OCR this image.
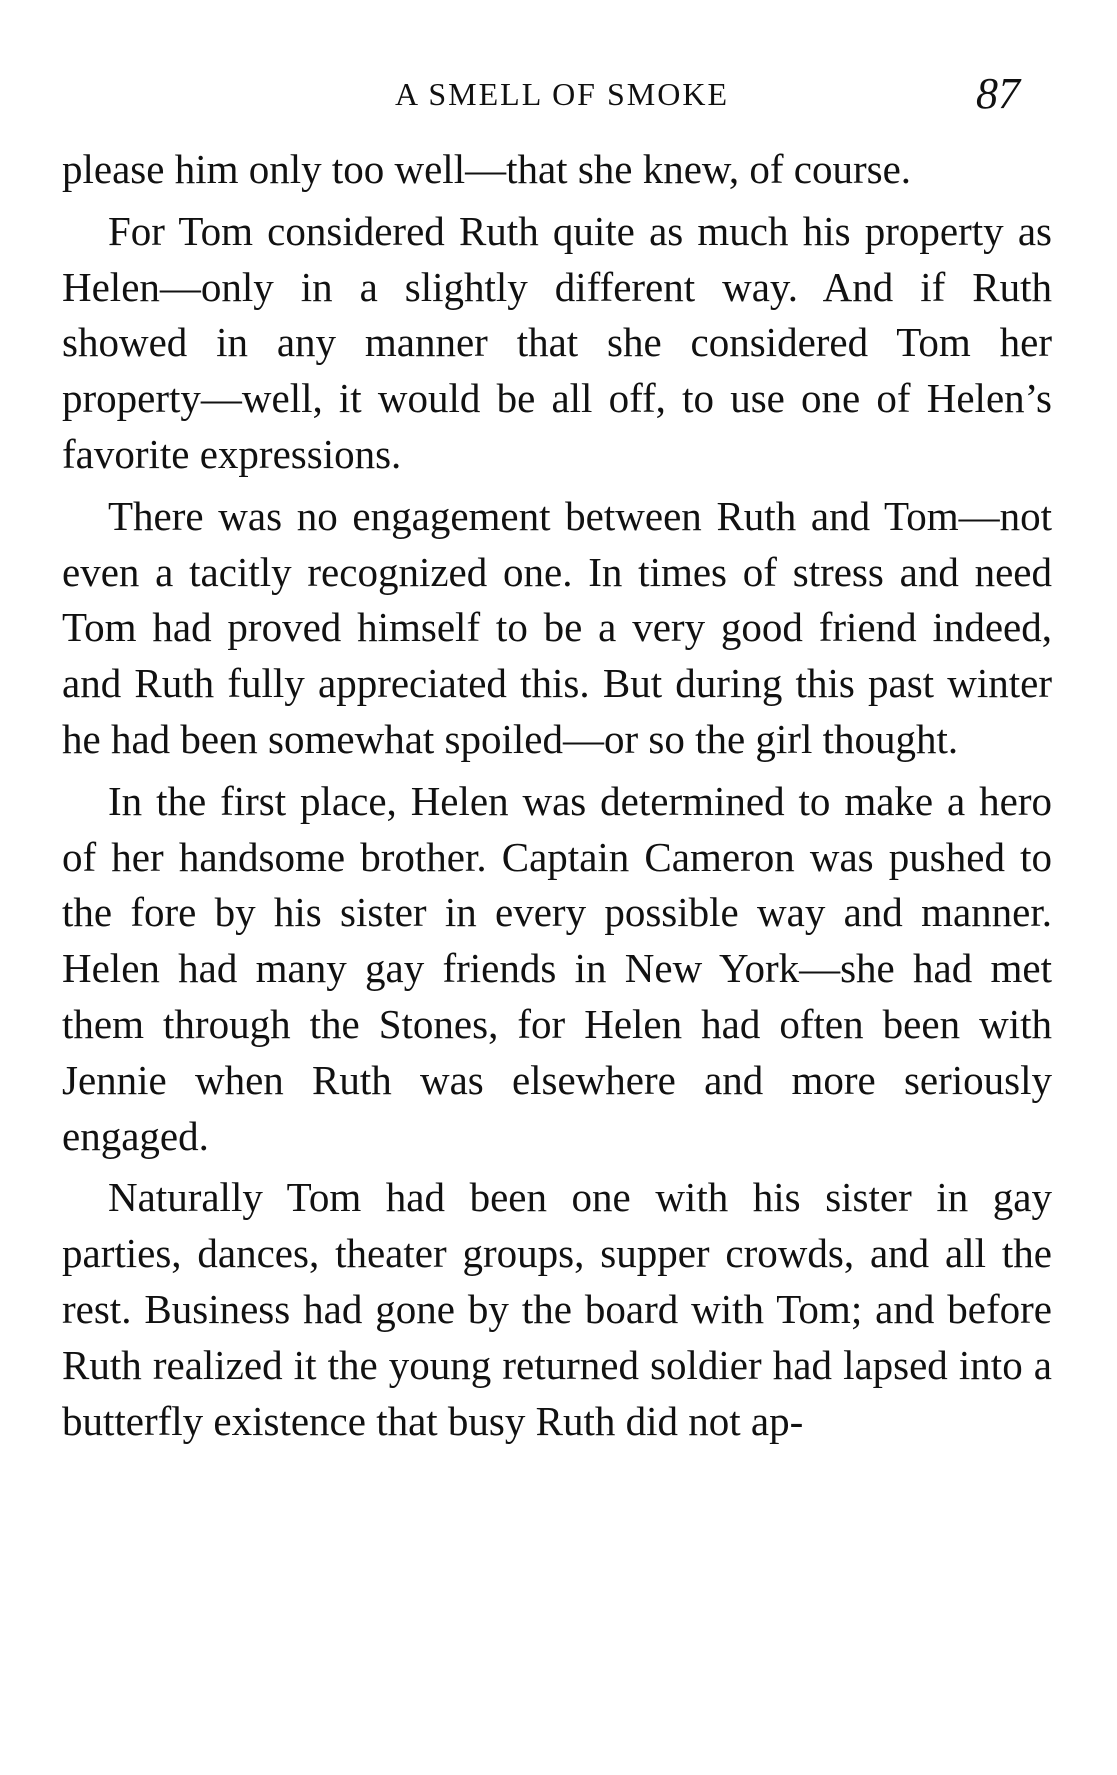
A SMELL OF SMOKE	87

please him only too well—that she knew, of course.

For Tom considered Ruth quite as much his property as Helen—only in a slightly different way. And if Ruth showed in any manner that she considered Tom her property—well, it would be all off, to use one of Helen’s favorite expressions.

There was no engagement between Ruth and Tom—not even a tacitly recognized one. In times of stress and need Tom had proved himself to be a very good friend indeed, and Ruth fully appreciated this. But during this past winter he had been somewhat spoiled—or so the girl thought.

In the first place, Helen was determined to make a hero of her handsome brother. Captain Cameron was pushed to the fore by his sister in every possible way and manner. Helen had many gay friends in New York—she had met them through the Stones, for Helen had often been with Jennie when Ruth was elsewhere and more seriously engaged.

Naturally Tom had been one with his sister in gay parties, dances, theater groups, supper crowds, and all the rest. Business had gone by the board with Tom; and before Ruth realized it the young returned soldier had lapsed into a butterfly existence that busy Ruth did not ap-
